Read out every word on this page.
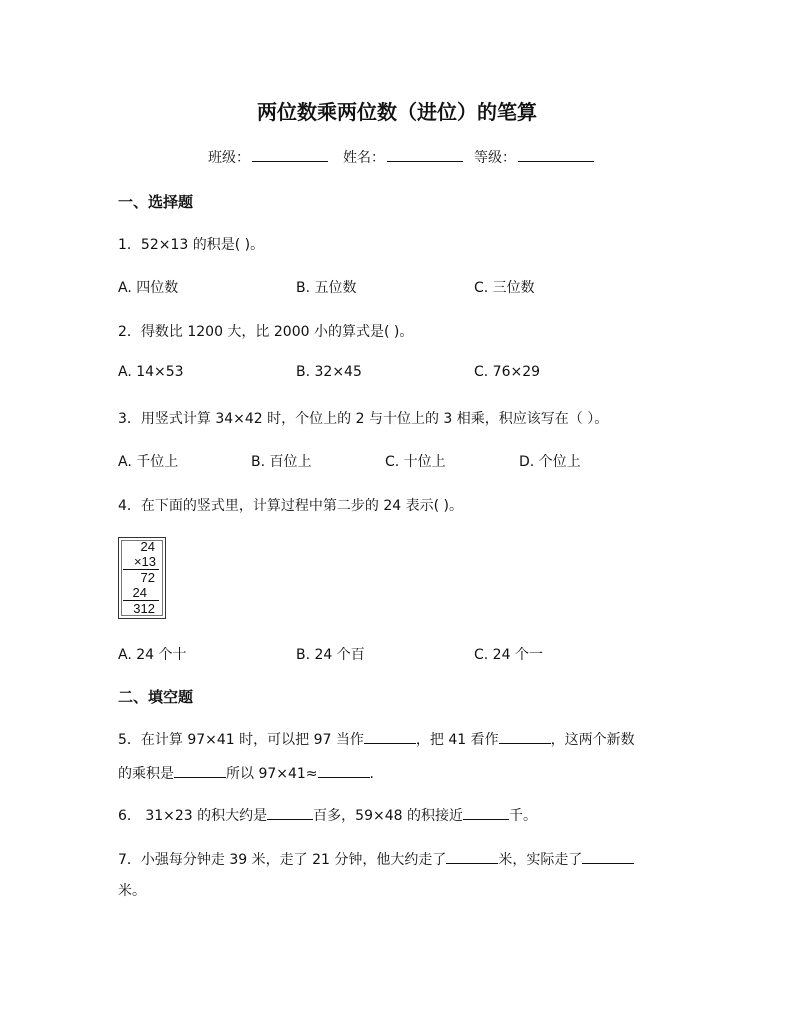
两位数乘两位数（进位）的笔算
班级：	姓名：	等级：
一、选择题
1．52×13 的积是( )。
A. 四位数	B. 五位数	C. 三位数
2．得数比 1200 大，比 2000 小的算式是( )。
A. 14×53	B. 32×45	C. 76×29
3．用竖式计算 34×42 时，个位上的 2 与十位上的 3 相乘，积应该写在（ ）。
A. 千位上	B. 百位上	C. 十位上	D. 个位上
4．在下面的竖式里，计算过程中第二步的 24 表示( )。
24
×13
72
24
312
A. 24 个十	B. 24 个百	C. 24 个一
二、填空题
5．在计算 97×41 时，可以把 97 当作	，把 41 看作	，这两个新数
的乘积是	所以 97×41≈	.
6． 31×23 的积大约是	百多，59×48 的积接近	千。
7．小强每分钟走 39 米，走了 21 分钟，他大约走了	米，实际走了
米。
